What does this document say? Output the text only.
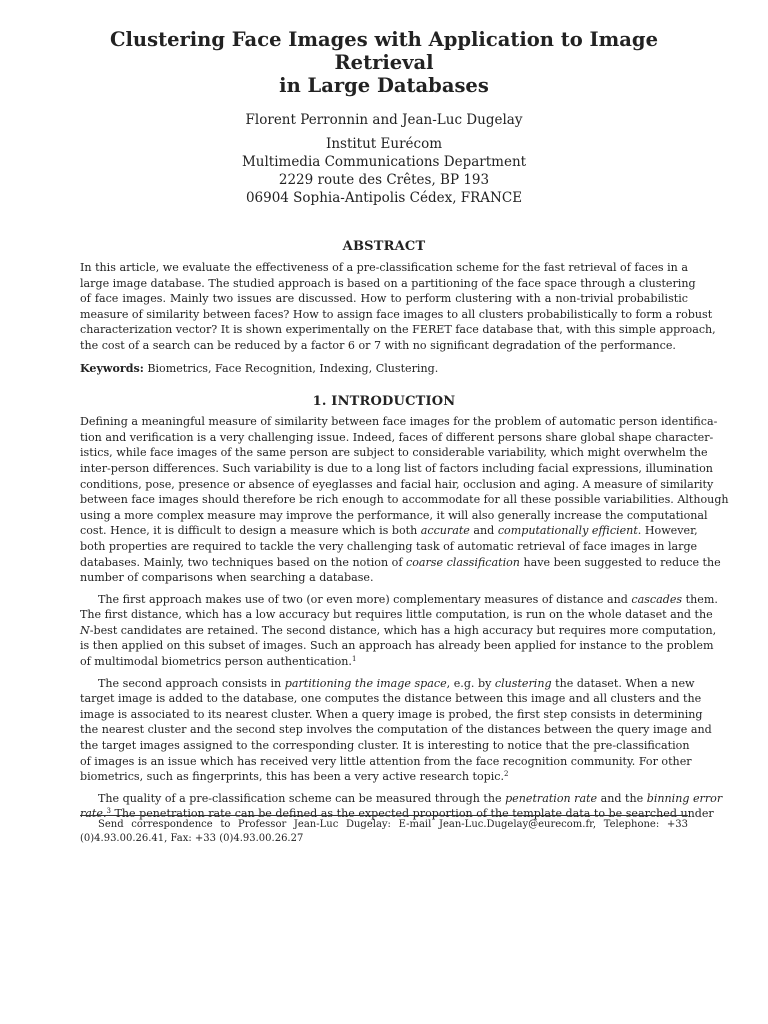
Clustering Face Images with Application to Image Retrieval
in Large Databases
Florent Perronnin and Jean-Luc Dugelay
Institut Eurécom
Multimedia Communications Department
2229 route des Crêtes, BP 193
06904 Sophia-Antipolis Cédex, FRANCE
ABSTRACT

In this article, we evaluate the effectiveness of a pre-classification scheme for the fast retrieval of faces in a
large image database. The studied approach is based on a partitioning of the face space through a clustering
of face images. Mainly two issues are discussed. How to perform clustering with a non-trivial probabilistic
measure of similarity between faces? How to assign face images to all clusters probabilistically to form a robust
characterization vector? It is shown experimentally on the FERET face database that, with this simple approach,
the cost of a search can be reduced by a factor 6 or 7 with no significant degradation of the performance.

Keywords: Biometrics, Face Recognition, Indexing, Clustering.

1. INTRODUCTION

Defining a meaningful measure of similarity between face images for the problem of automatic person identifica-
tion and verification is a very challenging issue. Indeed, faces of different persons share global shape character-
istics, while face images of the same person are subject to considerable variability, which might overwhelm the
inter-person differences. Such variability is due to a long list of factors including facial expressions, illumination
conditions, pose, presence or absence of eyeglasses and facial hair, occlusion and aging. A measure of similarity
between face images should therefore be rich enough to accommodate for all these possible variabilities. Although
using a more complex measure may improve the performance, it will also generally increase the computational
cost. Hence, it is difficult to design a measure which is both accurate and computationally efficient. However,
both properties are required to tackle the very challenging task of automatic retrieval of face images in large
databases. Mainly, two techniques based on the notion of coarse classification have been suggested to reduce the
number of comparisons when searching a database.

The first approach makes use of two (or even more) complementary measures of distance and cascades them.
The first distance, which has a low accuracy but requires little computation, is run on the whole dataset and the
N-best candidates are retained. The second distance, which has a high accuracy but requires more computation,
is then applied on this subset of images. Such an approach has already been applied for instance to the problem
of multimodal biometrics person authentication.$^1$

The second approach consists in partitioning the image space, e.g. by clustering the dataset. When a new
target image is added to the database, one computes the distance between this image and all clusters and the
image is associated to its nearest cluster. When a query image is probed, the first step consists in determining
the nearest cluster and the second step involves the computation of the distances between the query image and
the target images assigned to the corresponding cluster. It is interesting to notice that the pre-classification
of images is an issue which has received very little attention from the face recognition community. For other
biometrics, such as fingerprints, this has been a very active research topic.$^2$

The quality of a pre-classification scheme can be measured through the penetration rate and the binning error
rate.$^3$ The penetration rate can be defined as the expected proportion of the template data to be searched under

Send correspondence to Professor Jean-Luc Dugelay: E-mail Jean-Luc.Dugelay@eurecom.fr, Telephone: +33
(0)4.93.00.26.41, Fax: +33 (0)4.93.00.26.27
